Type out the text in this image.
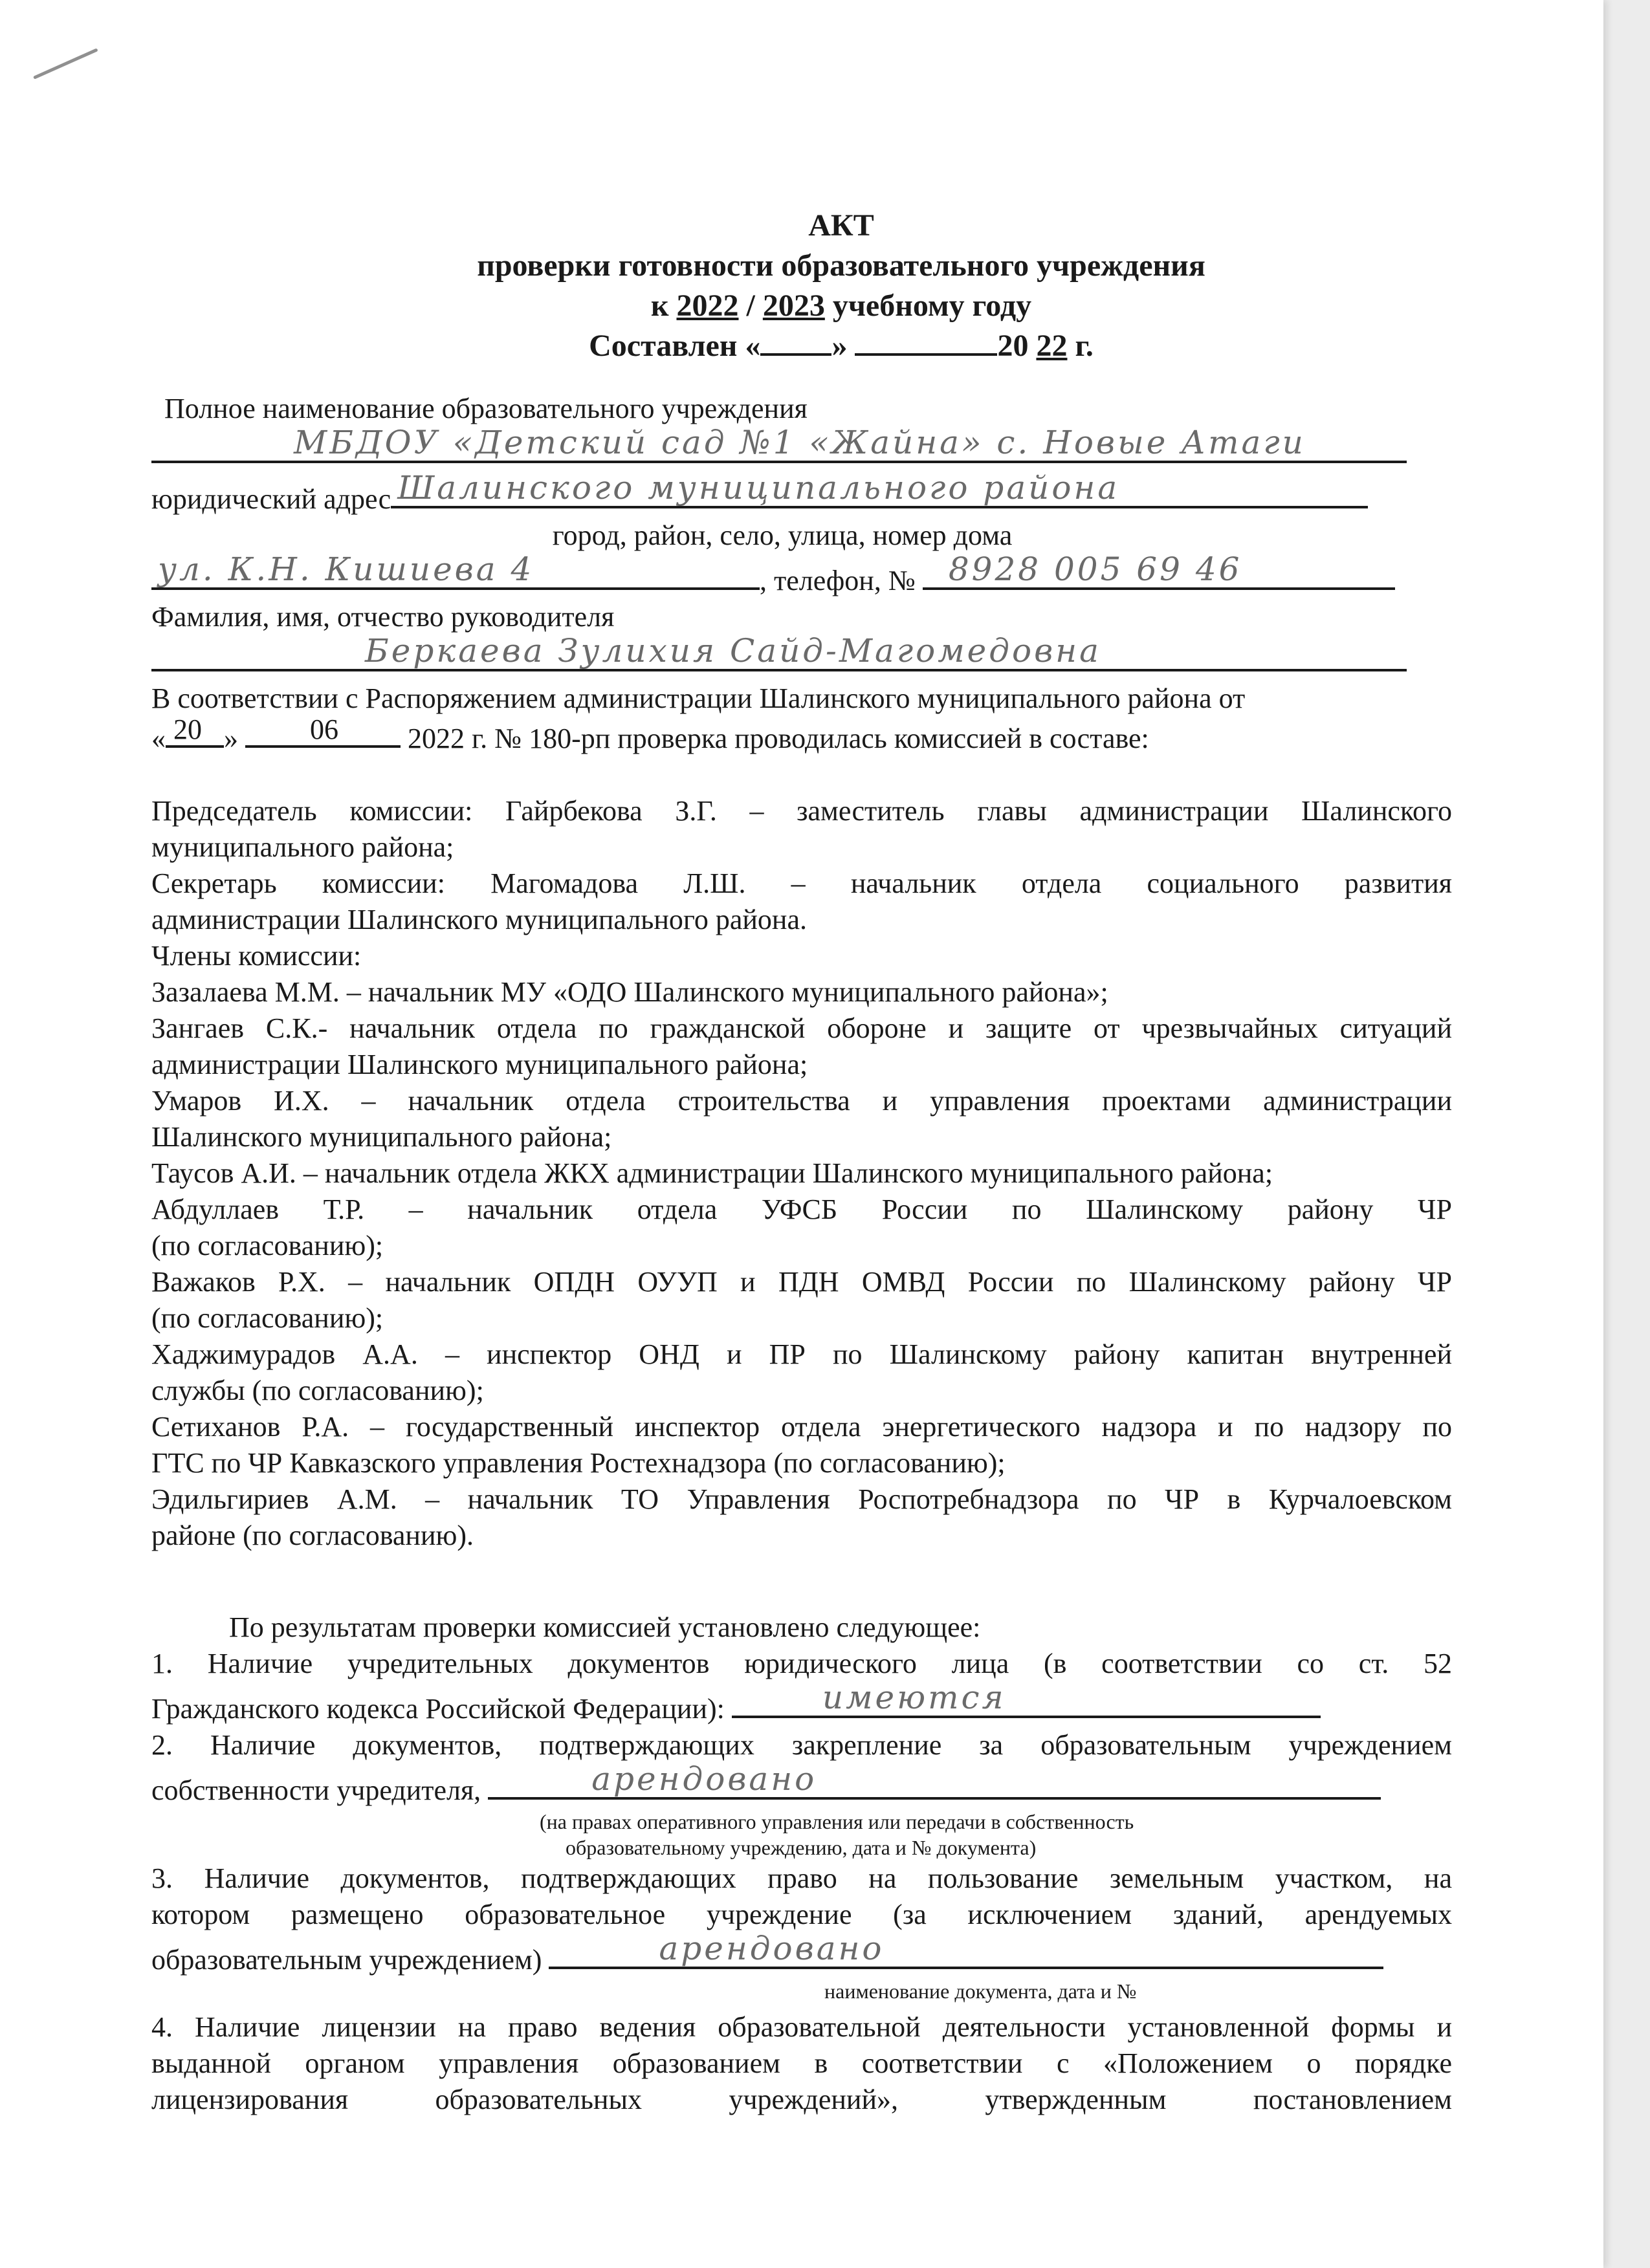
АКТ
проверки готовности образовательного учреждения
к 2022 / 2023 учебному году
Составлен « »	20 22 г.
Полное наименование образовательного учреждения
МБДОУ «Детский сад №1 «Жайна» с. Новые Атаги
юридический адрес Шалинского муниципального района
город, район, село, улица, номер дома
ул. К.Н. Кишиева 4	, телефон, № 8928 005 69 46
Фамилия, имя, отчество руководителя
Беркаева Зулихия Сайд-Магомедовна
В соответствии с Распоряжением администрации Шалинского муниципального района от
« 20 »	06 2022 г. № 180-рп проверка проводилась комиссией в составе:
Председатель комиссии: Гайрбекова З.Г. – заместитель главы администрации Шалинского
муниципального района;
Секретарь комиссии: Магомадова Л.Ш. – начальник отдела социального развития
администрации Шалинского муниципального района.
Члены комиссии:
Зазалаева М.М. – начальник МУ «ОДО Шалинского муниципального района»;
Зангаев С.К.- начальник отдела по гражданской обороне и защите от чрезвычайных ситуаций
администрации Шалинского муниципального района;
Умаров И.Х. – начальник отдела строительства и управления проектами администрации
Шалинского муниципального района;
Таусов А.И. – начальник отдела ЖКХ администрации Шалинского муниципального района;
Абдуллаев Т.Р. – начальник отдела УФСБ России по Шалинскому району ЧР
(по согласованию);
Важаков Р.Х. – начальник ОПДН ОУУП и ПДН ОМВД России по Шалинскому району ЧР
(по согласованию);
Хаджимурадов А.А. – инспектор ОНД и ПР по Шалинскому району капитан внутренней
службы (по согласованию);
Сетиханов Р.А. – государственный инспектор отдела энергетического надзора и по надзору по
ГТС по ЧР Кавказского управления Ростехнадзора (по согласованию);
Эдильгириев А.М. – начальник ТО Управления Роспотребнадзора по ЧР в Курчалоевском
районе (по согласованию).
По результатам проверки комиссией установлено следующее:
1. Наличие учредительных документов юридического лица (в соответствии со ст. 52
Гражданского кодекса Российской Федерации):	имеются
2. Наличие документов, подтверждающих закрепление за образовательным учреждением
собственности учредителя,	арендовано
(на правах оперативного управления или передачи в собственность
образовательному учреждению, дата и № документа)
3. Наличие документов, подтверждающих право на пользование земельным участком, на
котором размещено образовательное учреждение (за исключением зданий, арендуемых
образовательным учреждением)	арендовано
наименование документа, дата и №
4. Наличие лицензии на право ведения образовательной деятельности установленной формы и
выданной органом управления образованием в соответствии с «Положением о порядке
лицензирования образовательных учреждений», утвержденным постановлением
